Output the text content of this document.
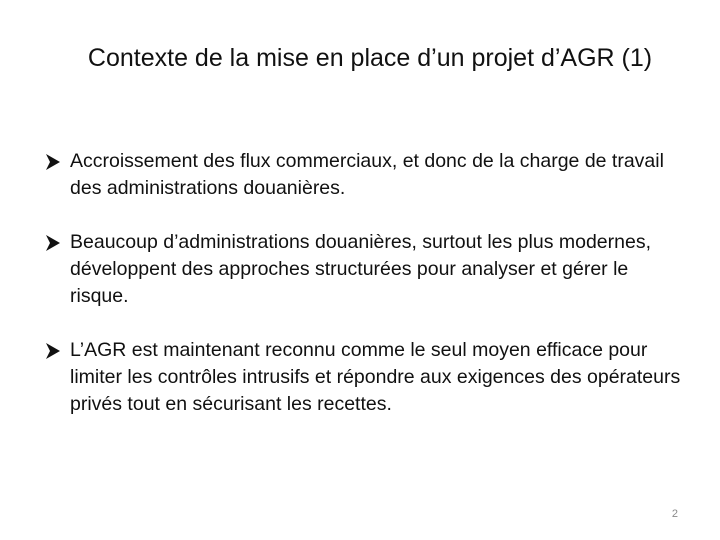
Contexte de la mise en place d’un projet d’AGR (1)
Accroissement des flux commerciaux, et donc de la charge de travail des administrations douanières.
Beaucoup d’administrations douanières, surtout les plus modernes, développent des approches structurées pour analyser et gérer le risque.
L’AGR est maintenant reconnu comme le seul moyen efficace pour limiter les contrôles intrusifs et répondre aux exigences des opérateurs privés tout en sécurisant les recettes.
2
